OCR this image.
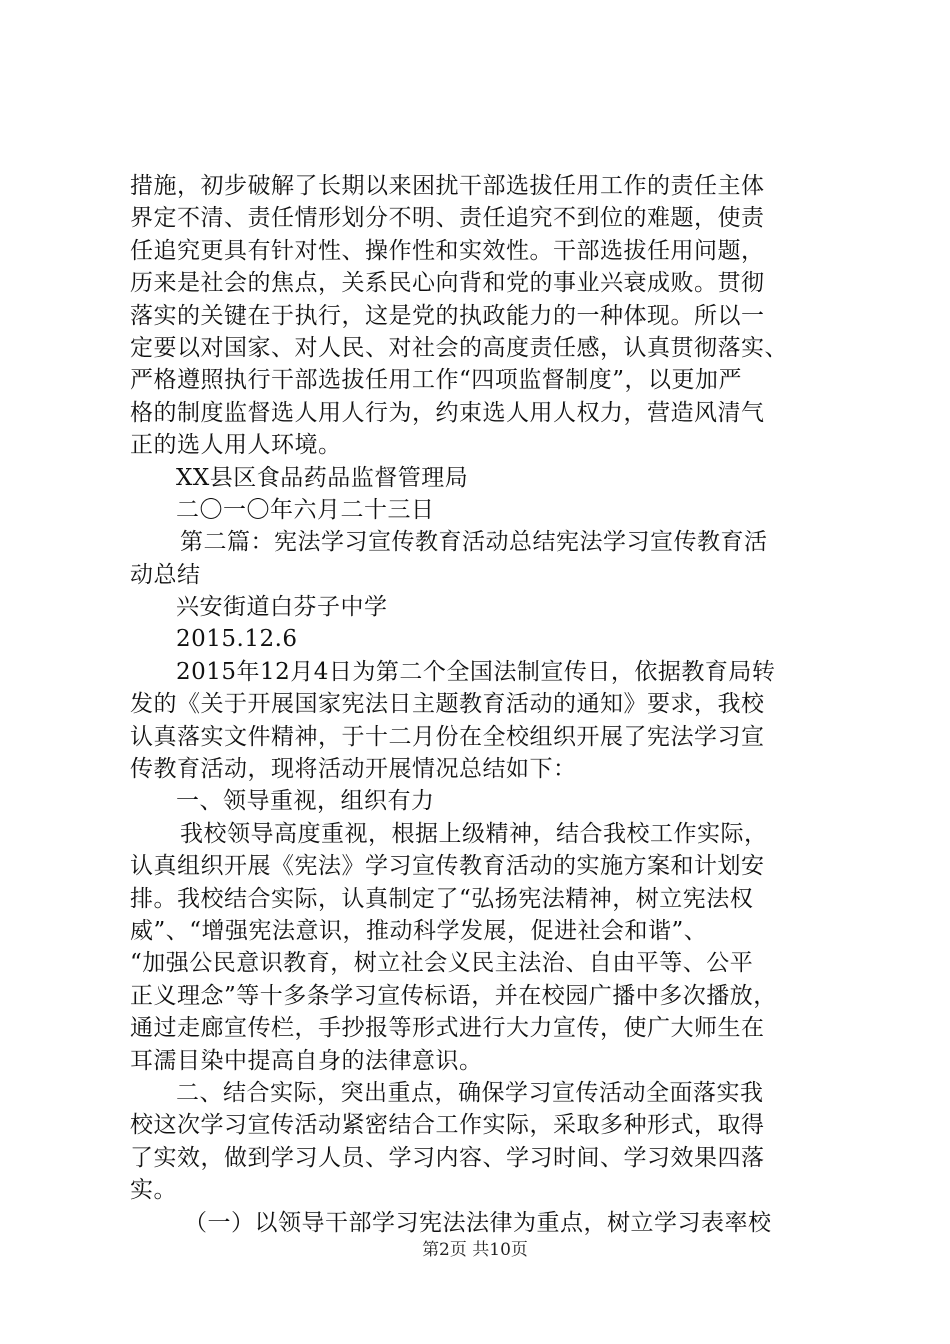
措施，初步破解了长期以来困扰干部选拔任用工作的责任主体
界定不清、责任情形划分不明、责任追究不到位的难题，使责
任追究更具有针对性、操作性和实效性。干部选拔任用问题，
历来是社会的焦点，关系民心向背和党的事业兴衰成败。贯彻
落实的关键在于执行，这是党的执政能力的一种体现。所以一
定要以对国家、对人民、对社会的高度责任感，认真贯彻落实、
严格遵照执行干部选拔任用工作“四项监督制度”，以更加严
格的制度监督选人用人行为，约束选人用人权力，营造风清气
正的选人用人环境。
XX县区食品药品监督管理局
二〇一〇年六月二十三日
第二篇：宪法学习宣传教育活动总结宪法学习宣传教育活
动总结
兴安街道白芬子中学
2015.12.6
2015年12月4日为第二个全国法制宣传日，依据教育局转
发的《关于开展国家宪法日主题教育活动的通知》要求，我校
认真落实文件精神，于十二月份在全校组织开展了宪法学习宣
传教育活动，现将活动开展情况总结如下：
一、领导重视，组织有力
我校领导高度重视，根据上级精神，结合我校工作实际，
认真组织开展《宪法》学习宣传教育活动的实施方案和计划安
排。我校结合实际，认真制定了“弘扬宪法精神，树立宪法权
威”、“增强宪法意识，推动科学发展，促进社会和谐”、
“加强公民意识教育，树立社会义民主法治、自由平等、公平
正义理念”等十多条学习宣传标语，并在校园广播中多次播放，
通过走廊宣传栏，手抄报等形式进行大力宣传，使广大师生在
耳濡目染中提高自身的法律意识。
二、结合实际，突出重点，确保学习宣传活动全面落实我
校这次学习宣传活动紧密结合工作实际，采取多种形式，取得
了实效，做到学习人员、学习内容、学习时间、学习效果四落
实。
（一）以领导干部学习宪法法律为重点，树立学习表率校
第2页 共10页
